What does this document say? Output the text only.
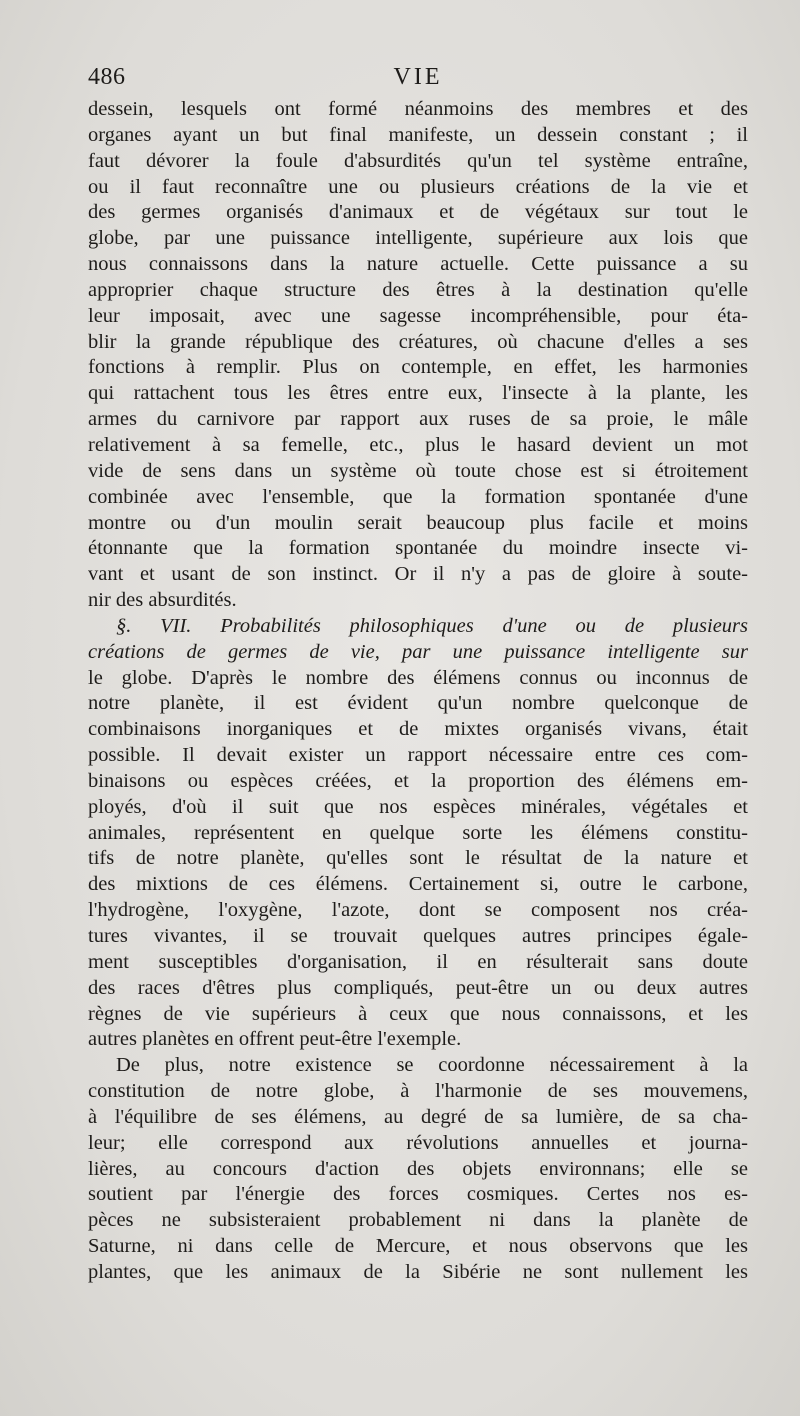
486	VIE
dessein, lesquels ont formé néanmoins des membres et des
organes ayant un but final manifeste, un dessein constant ; il
faut dévorer la foule d'absurdités qu'un tel système entraîne,
ou il faut reconnaître une ou plusieurs créations de la vie et
des germes organisés d'animaux et de végétaux sur tout le
globe, par une puissance intelligente, supérieure aux lois que
nous connaissons dans la nature actuelle. Cette puissance a su
approprier chaque structure des êtres à la destination qu'elle
leur imposait, avec une sagesse incompréhensible, pour éta-
blir la grande république des créatures, où chacune d'elles a ses
fonctions à remplir. Plus on contemple, en effet, les harmonies
qui rattachent tous les êtres entre eux, l'insecte à la plante, les
armes du carnivore par rapport aux ruses de sa proie, le mâle
relativement à sa femelle, etc., plus le hasard devient un mot
vide de sens dans un système où toute chose est si étroitement
combinée avec l'ensemble, que la formation spontanée d'une
montre ou d'un moulin serait beaucoup plus facile et moins
étonnante que la formation spontanée du moindre insecte vi-
vant et usant de son instinct. Or il n'y a pas de gloire à soute-
nir des absurdités.
§. VII. Probabilités philosophiques d'une ou de plusieurs
créations de germes de vie, par une puissance intelligente sur
le globe. D'après le nombre des élémens connus ou inconnus de
notre planète, il est évident qu'un nombre quelconque de
combinaisons inorganiques et de mixtes organisés vivans, était
possible. Il devait exister un rapport nécessaire entre ces com-
binaisons ou espèces créées, et la proportion des élémens em-
ployés, d'où il suit que nos espèces minérales, végétales et
animales, représentent en quelque sorte les élémens constitu-
tifs de notre planète, qu'elles sont le résultat de la nature et
des mixtions de ces élémens. Certainement si, outre le carbone,
l'hydrogène, l'oxygène, l'azote, dont se composent nos créa-
tures vivantes, il se trouvait quelques autres principes égale-
ment susceptibles d'organisation, il en résulterait sans doute
des races d'êtres plus compliqués, peut-être un ou deux autres
règnes de vie supérieurs à ceux que nous connaissons, et les
autres planètes en offrent peut-être l'exemple.
De plus, notre existence se coordonne nécessairement à la
constitution de notre globe, à l'harmonie de ses mouvemens,
à l'équilibre de ses élémens, au degré de sa lumière, de sa cha-
leur; elle correspond aux révolutions annuelles et journa-
lières, au concours d'action des objets environnans; elle se
soutient par l'énergie des forces cosmiques. Certes nos es-
pèces ne subsisteraient probablement ni dans la planète de
Saturne, ni dans celle de Mercure, et nous observons que les
plantes, que les animaux de la Sibérie ne sont nullement les
